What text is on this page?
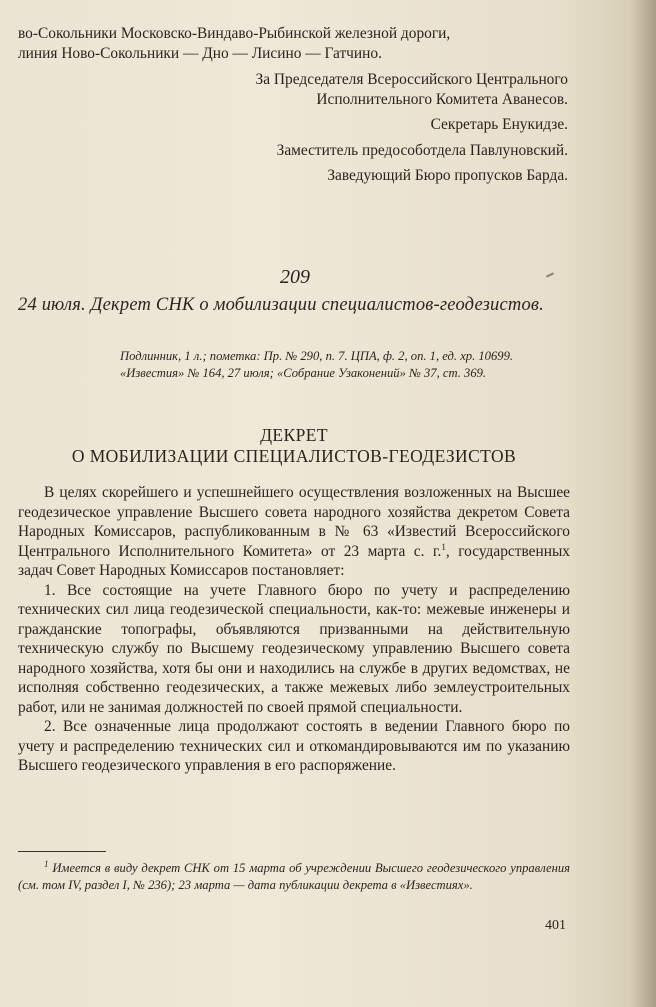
во-Сокольники Московско-Виндаво-Рыбинской железной дороги,

линия Ново-Сокольники — Дно — Лисино — Гатчино.

За Председателя Всероссийского Центрального
Исполнительного Комитета Аванесов.
Секретарь Енукидзе.
Заместитель предособотдела Павлуновский.
Заведующий Бюро пропусков Барда.
209
24 июля. Декрет СНК о мобилизации специалистов-геодезистов.

Подлинник, 1 л.; пометка: Пр. № 290, п. 7. ЦПА, ф. 2, оп. 1, ед. хр. 10699.

«Известия» № 164, 27 июля; «Собрание Узаконений» № 37, ст. 369.

ДЕКРЕТ
О МОБИЛИЗАЦИИ СПЕЦИАЛИСТОВ-ГЕОДЕЗИСТОВ

В целях скорейшего и успешнейшего осуществления возложенных на Высшее геодезическое управление Высшего совета народного хозяйства декретом Совета Народных Комиссаров, распубликованным в № 63 «Известий Всероссийского Центрального Исполнительного Комитета» от 23 марта с. г.$^1$, государственных задач Совет Народных Комиссаров постановляет:

1. Все состоящие на учете Главного бюро по учету и распределению технических сил лица геодезической специальности, как-то: межевые инженеры и гражданские топографы, объявляются призванными на действительную техническую службу по Высшему геодезическому управлению Высшего совета народного хозяйства, хотя бы они и находились на службе в других ведомствах, не исполняя собственно геодезических, а также межевых либо землеустроительных работ, или не занимая должностей по своей прямой специальности.

2. Все означенные лица продолжают состоять в ведении Главного бюро по учету и распределению технических сил и откомандировываются им по указанию Высшего геодезического управления в его распоряжение.

$^1$ Имеется в виду декрет СНК от 15 марта об учреждении Высшего геодезического управления (см. том IV, раздел I, № 236); 23 марта — дата публикации декрета в «Известиях».
401
